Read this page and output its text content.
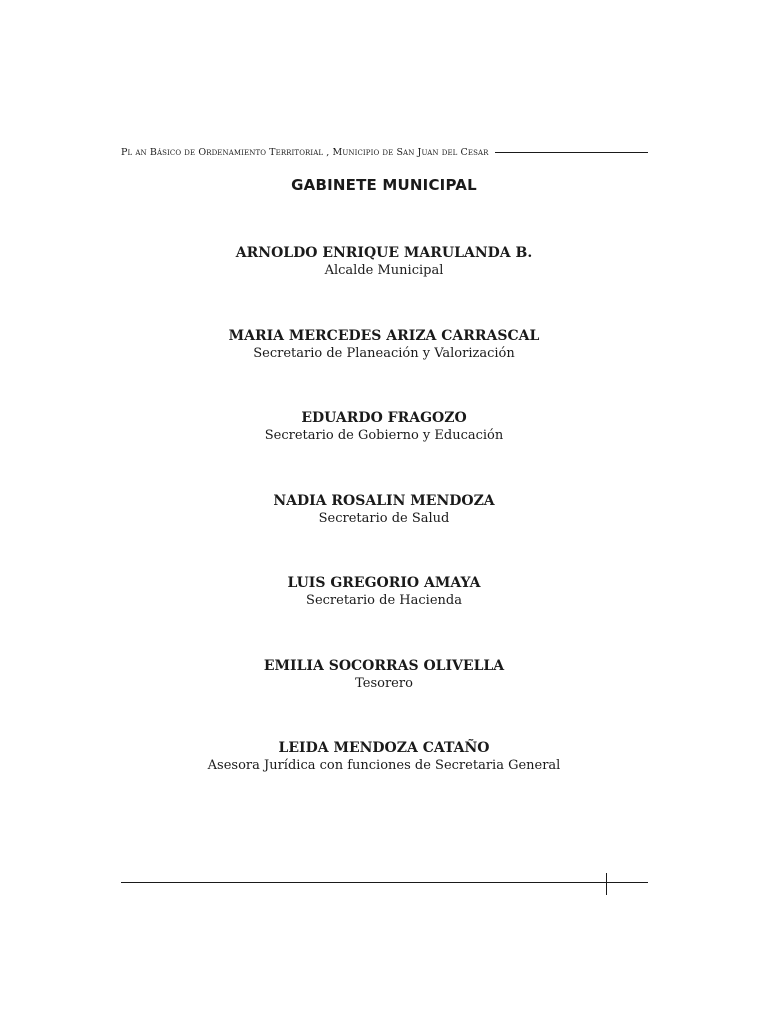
Pl an Básico de Ordenamiento Territorial , Municipio de San Juan del Cesar
GABINETE MUNICIPAL
ARNOLDO ENRIQUE MARULANDA B.
Alcalde Municipal
MARIA MERCEDES ARIZA CARRASCAL
Secretario de Planeación y Valorización
EDUARDO FRAGOZO
Secretario de Gobierno y Educación
NADIA ROSALIN MENDOZA
Secretario de Salud
LUIS GREGORIO AMAYA
Secretario de Hacienda
EMILIA SOCORRAS OLIVELLA
Tesorero
LEIDA MENDOZA CATAÑO
Asesora Jurídica con funciones de Secretaria General
